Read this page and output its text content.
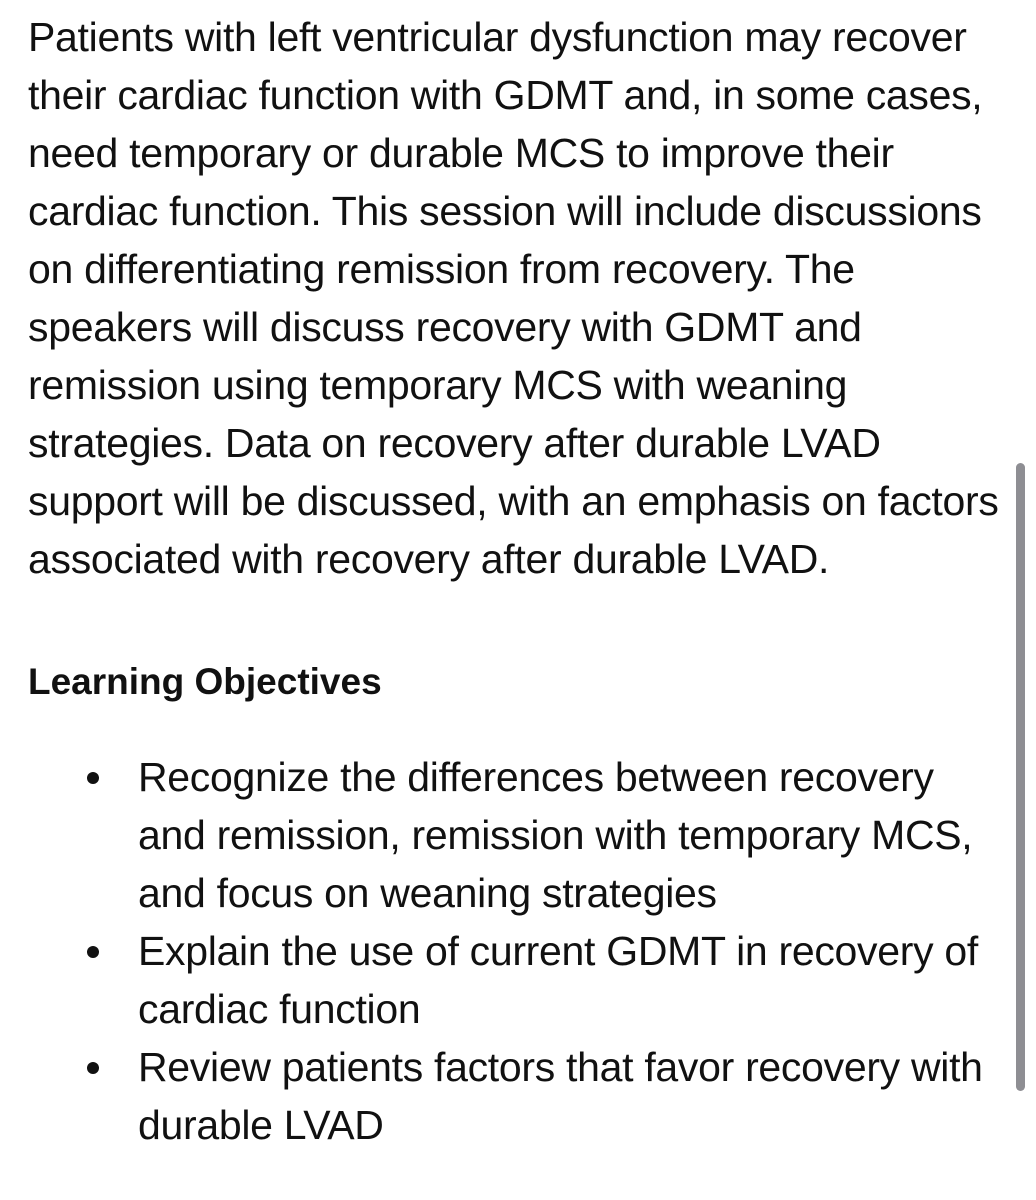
Patients with left ventricular dysfunction may recover their cardiac function with GDMT and, in some cases, need temporary or durable MCS to improve their cardiac function. This session will include discussions on differentiating remission from recovery. The speakers will discuss recovery with GDMT and remission using temporary MCS with weaning strategies. Data on recovery after durable LVAD support will be discussed, with an emphasis on factors associated with recovery after durable LVAD.

Learning Objectives
Recognize the differences between recovery and remission, remission with temporary MCS, and focus on weaning strategies
Explain the use of current GDMT in recovery of cardiac function
Review patients factors that favor recovery with durable LVAD
